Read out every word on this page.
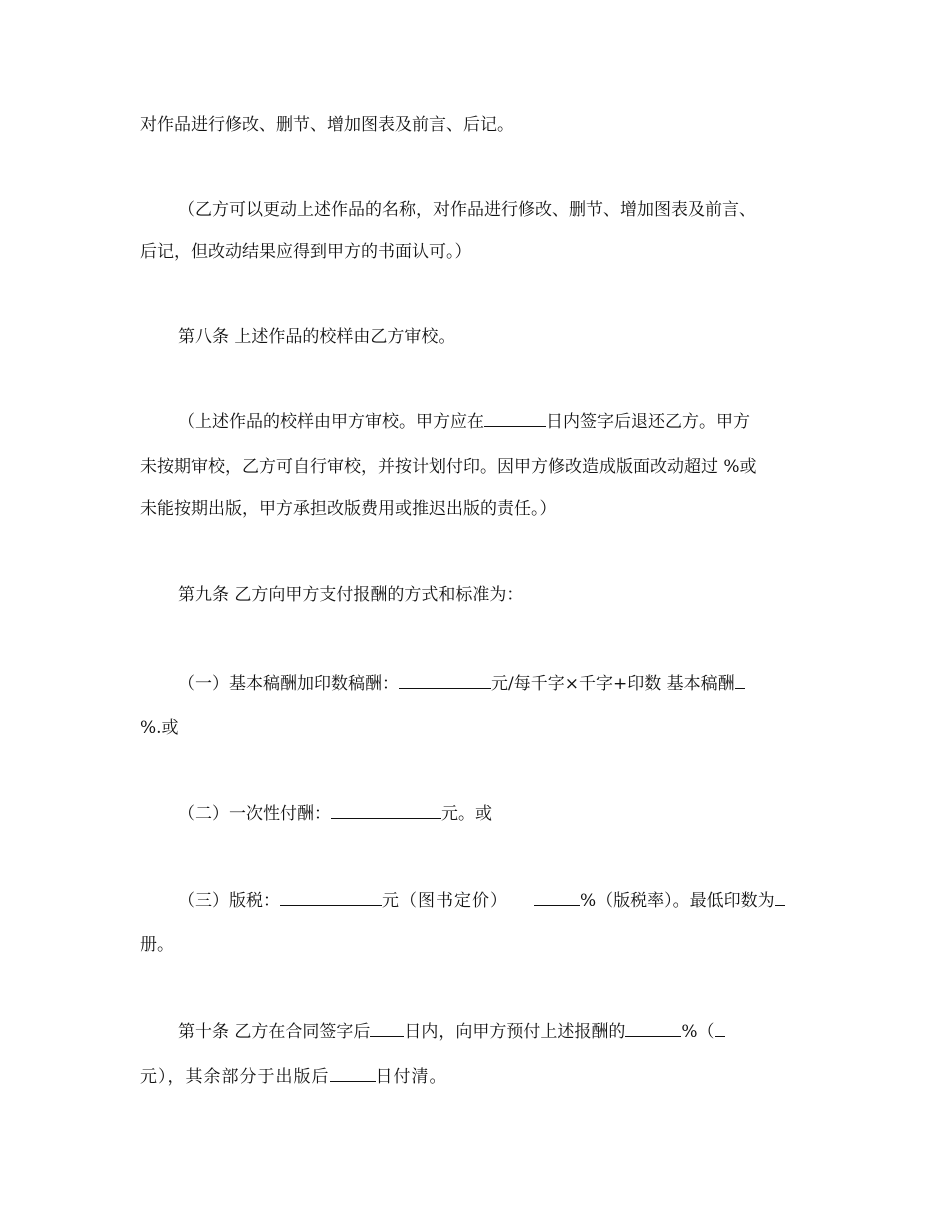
对作品进行修改、删节、增加图表及前言、后记。
（乙方可以更动上述作品的名称，对作品进行修改、删节、增加图表及前言、
后记，但改动结果应得到甲方的书面认可。）
第八条 上述作品的校样由乙方审校。
（上述作品的校样由甲方审校。甲方应在	日内签字后退还乙方。甲方
未按期审校，乙方可自行审校，并按计划付印。因甲方修改造成版面改动超过 %或
未能按期出版，甲方承担改版费用或推迟出版的责任。）
第九条 乙方向甲方支付报酬的方式和标准为：
（一）基本稿酬加印数稿酬：	元/每千字×千字+印数 基本稿酬
%.或
（二）一次性付酬：	元。或
（三）版税：	元（图书定价）	%（版税率）。最低印数为
册。
第十条 乙方在合同签字后 日内，向甲方预付上述报酬的	%（
元），其余部分于出版后	日付清。
